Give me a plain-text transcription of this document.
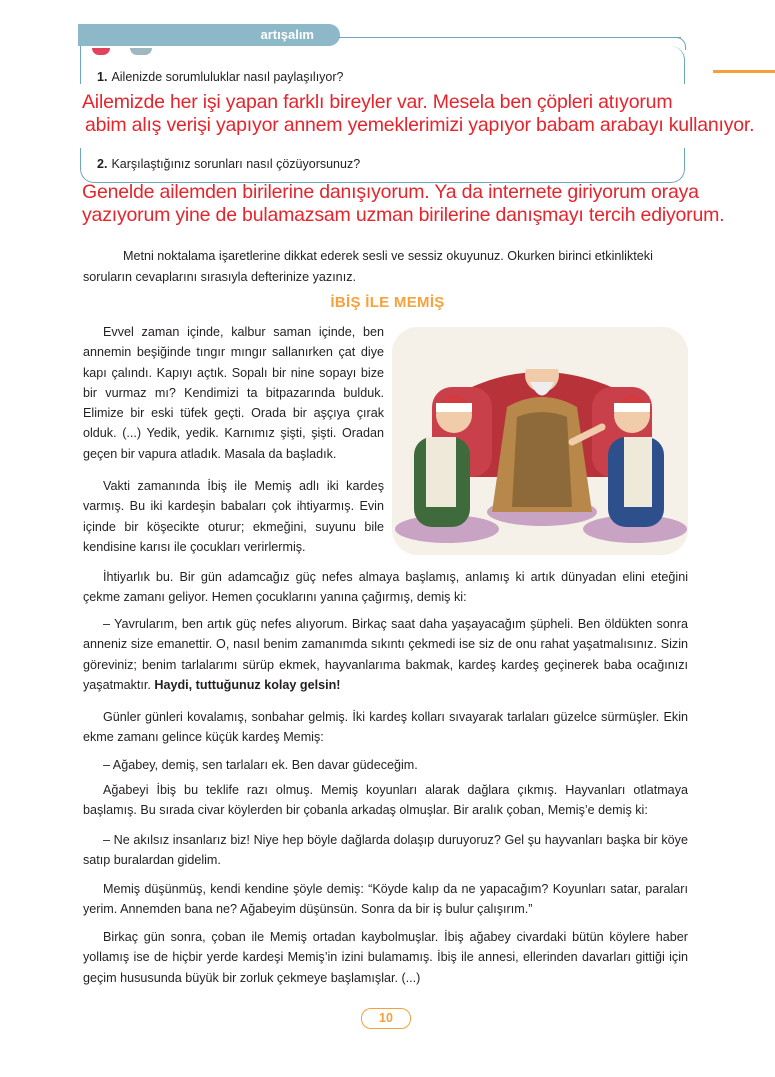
artışalım
1. Ailenizde sorumluluklar nasıl paylaşılıyor?
Ailemizde her işi yapan farklı bireyler var. Mesela ben çöpleri atıyorum
abim alış verişi yapıyor annem yemeklerimizi yapıyor babam arabayı kullanıyor.
2. Karşılaştığınız sorunları nasıl çözüyorsunuz?
Genelde ailemden birilerine danışıyorum. Ya da internete giriyorum oraya
yazıyorum yine de bulamazsam uzman birilerine danışmayı tercih ediyorum.
Metni noktalama işaretlerine dikkat ederek sesli ve sessiz okuyunuz. Okurken birinci etkinlikteki soruların cevaplarını sırasıyla defterinize yazınız.
İBİŞ İLE MEMİŞ
Evvel zaman içinde, kalbur saman içinde, ben annemin beşiğinde tıngır mıngır sallanırken çat diye kapı çalındı. Kapıyı açtık. Sopalı bir nine sopayı bize bir vurmaz mı? Kendimizi ta bitpazarında bulduk. Elimize bir eski tüfek geçti. Orada bir aşçıya çırak olduk. (...) Yedik, yedik. Karnımız şişti, şişti. Oradan geçen bir vapura atladık. Masala da başladık.
Vakti zamanında İbiş ile Memiş adlı iki kardeş varmış. Bu iki kardeşin babaları çok ihtiyarmış. Evin içinde bir köşecikte oturur; ekmeğini, suyunu bile kendisine karısı ile çocukları verirlermiş.
İhtiyarlık bu. Bir gün adamcağız güç nefes almaya başlamış, anlamış ki artık dünyadan elini eteğini çekme zamanı geliyor. Hemen çocuklarını yanına çağırmış, demiş ki:
– Yavrularım, ben artık güç nefes alıyorum. Birkaç saat daha yaşayacağım şüpheli. Ben öldükten sonra anneniz size emanettir. O, nasıl benim zamanımda sıkıntı çekmedi ise siz de onu rahat yaşatmalısınız. Sizin göreviniz; benim tarlalarımı sürüp ekmek, hayvanlarıma bakmak, kardeş kardeş geçinerek baba ocağınızı yaşatmaktır. Haydi, tuttuğunuz kolay gelsin!
Günler günleri kovalamış, sonbahar gelmiş. İki kardeş kolları sıvayarak tarlaları güzelce sürmüşler. Ekin ekme zamanı gelince küçük kardeş Memiş:
– Ağabey, demiş, sen tarlaları ek. Ben davar güdeceğim.
Ağabeyi İbiş bu teklife razı olmuş. Memiş koyunları alarak dağlara çıkmış. Hayvanları otlatmaya başlamış. Bu sırada civar köylerden bir çobanla arkadaş olmuşlar. Bir aralık çoban, Memiş’e demiş ki:
– Ne akılsız insanlarız biz! Niye hep böyle dağlarda dolaşıp duruyoruz? Gel şu hayvanları başka bir köye satıp buralardan gidelim.
Memiş düşünmüş, kendi kendine şöyle demiş: “Köyde kalıp da ne yapacağım? Koyunları satar, paraları yerim. Annemden bana ne? Ağabeyim düşünsün. Sonra da bir iş bulur çalışırım.”
Birkaç gün sonra, çoban ile Memiş ortadan kaybolmuşlar. İbiş ağabey civardaki bütün köylere haber yollamış ise de hiçbir yerde kardeşi Memiş’in izini bulamamış. İbiş ile annesi, ellerinden davarları gittiği için geçim hususunda büyük bir zorluk çekmeye başlamışlar. (...)
10
